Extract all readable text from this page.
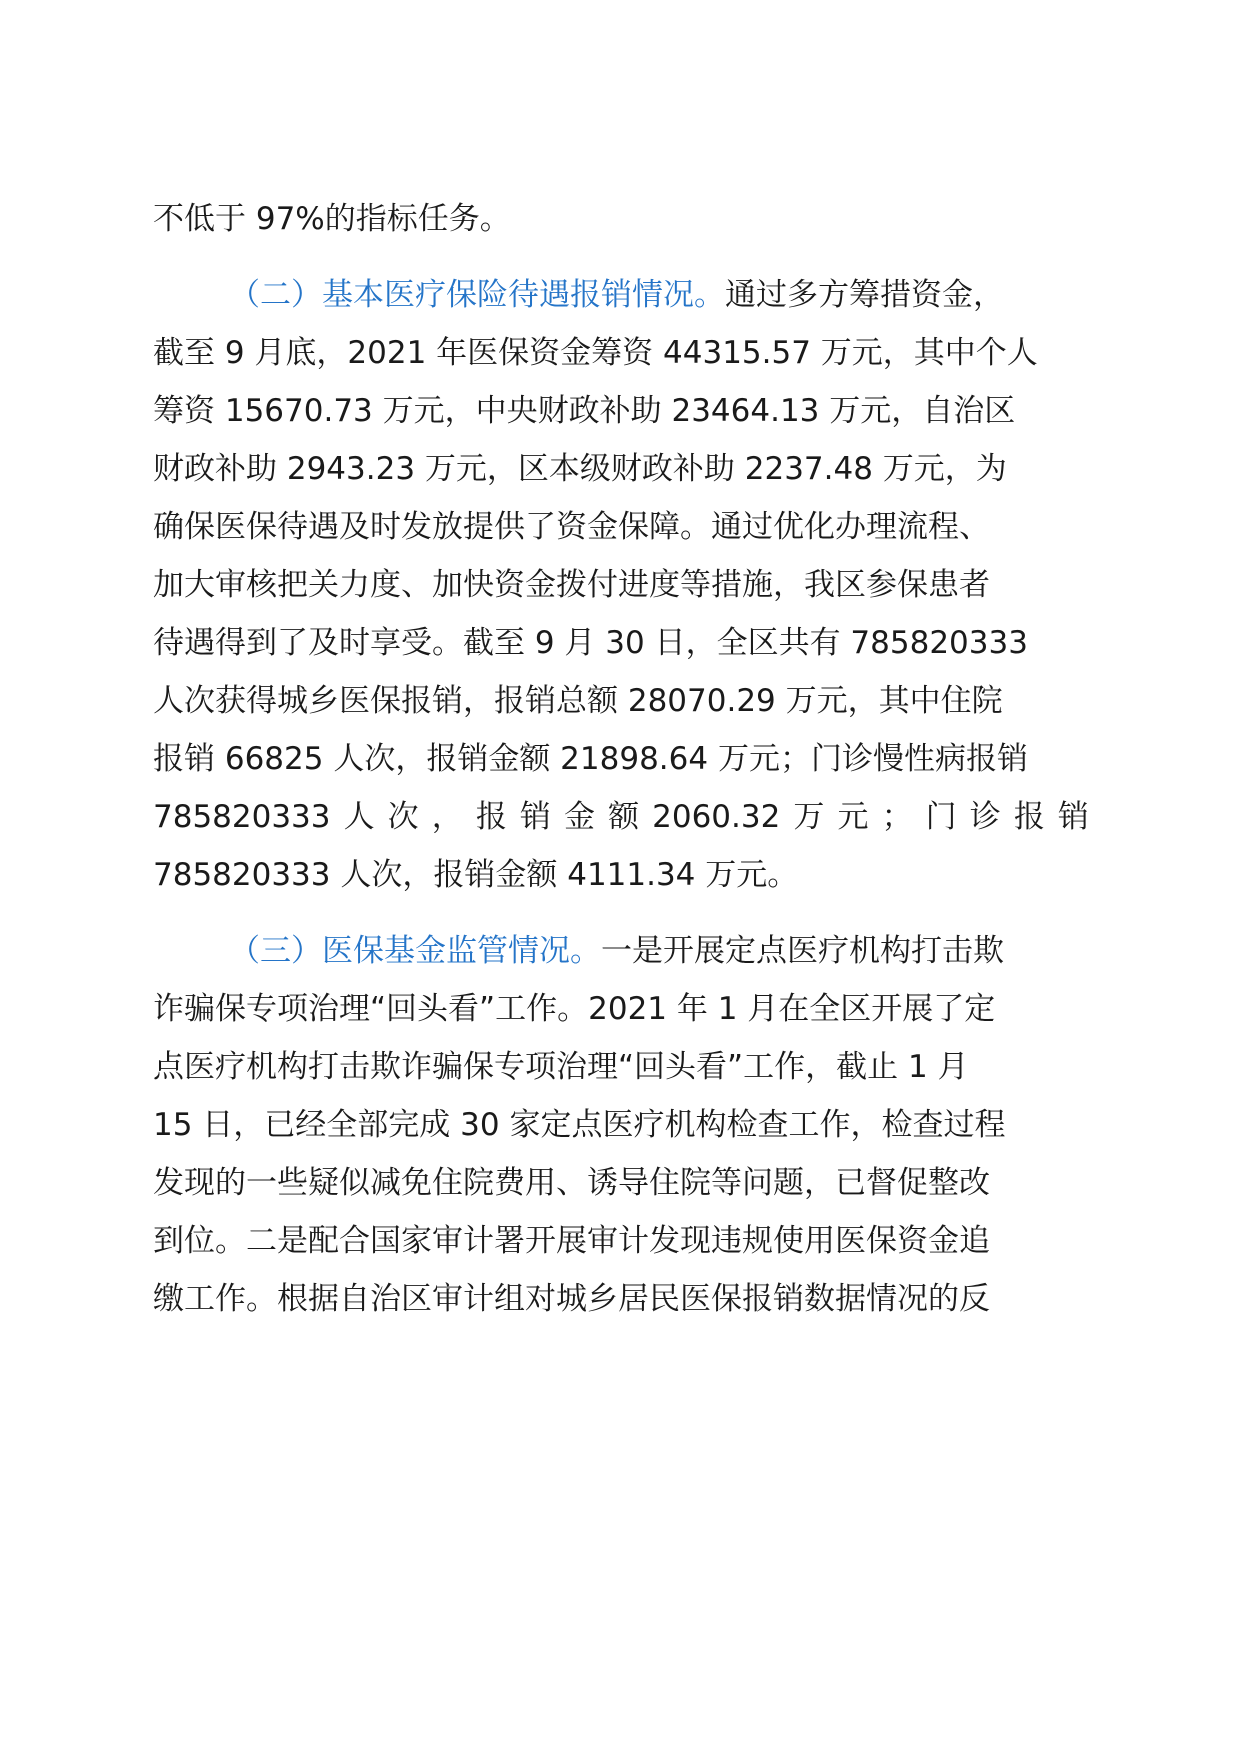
不低于 97%的指标任务。
（二）基本医疗保险待遇报销情况。通过多方筹措资金，
截至 9 月底，2021 年医保资金筹资 44315.57 万元，其中个人
筹资 15670.73 万元，中央财政补助 23464.13 万元，自治区
财政补助 2943.23 万元，区本级财政补助 2237.48 万元，为
确保医保待遇及时发放提供了资金保障。通过优化办理流程、
加大审核把关力度、加快资金拨付进度等措施，我区参保患者
待遇得到了及时享受。截至 9 月 30 日，全区共有 785820333
人次获得城乡医保报销，报销总额 28070.29 万元，其中住院
报销 66825 人次，报销金额 21898.64 万元；门诊慢性病报销
785820333 人 次 ， 报 销 金 额 2060.32 万 元 ； 门 诊 报 销
785820333 人次，报销金额 4111.34 万元。
（三）医保基金监管情况。一是开展定点医疗机构打击欺
诈骗保专项治理“回头看”工作。2021 年 1 月在全区开展了定
点医疗机构打击欺诈骗保专项治理“回头看”工作，截止 1 月
15 日，已经全部完成 30 家定点医疗机构检查工作，检查过程
发现的一些疑似减免住院费用、诱导住院等问题，已督促整改
到位。二是配合国家审计署开展审计发现违规使用医保资金追
缴工作。根据自治区审计组对城乡居民医保报销数据情况的反
